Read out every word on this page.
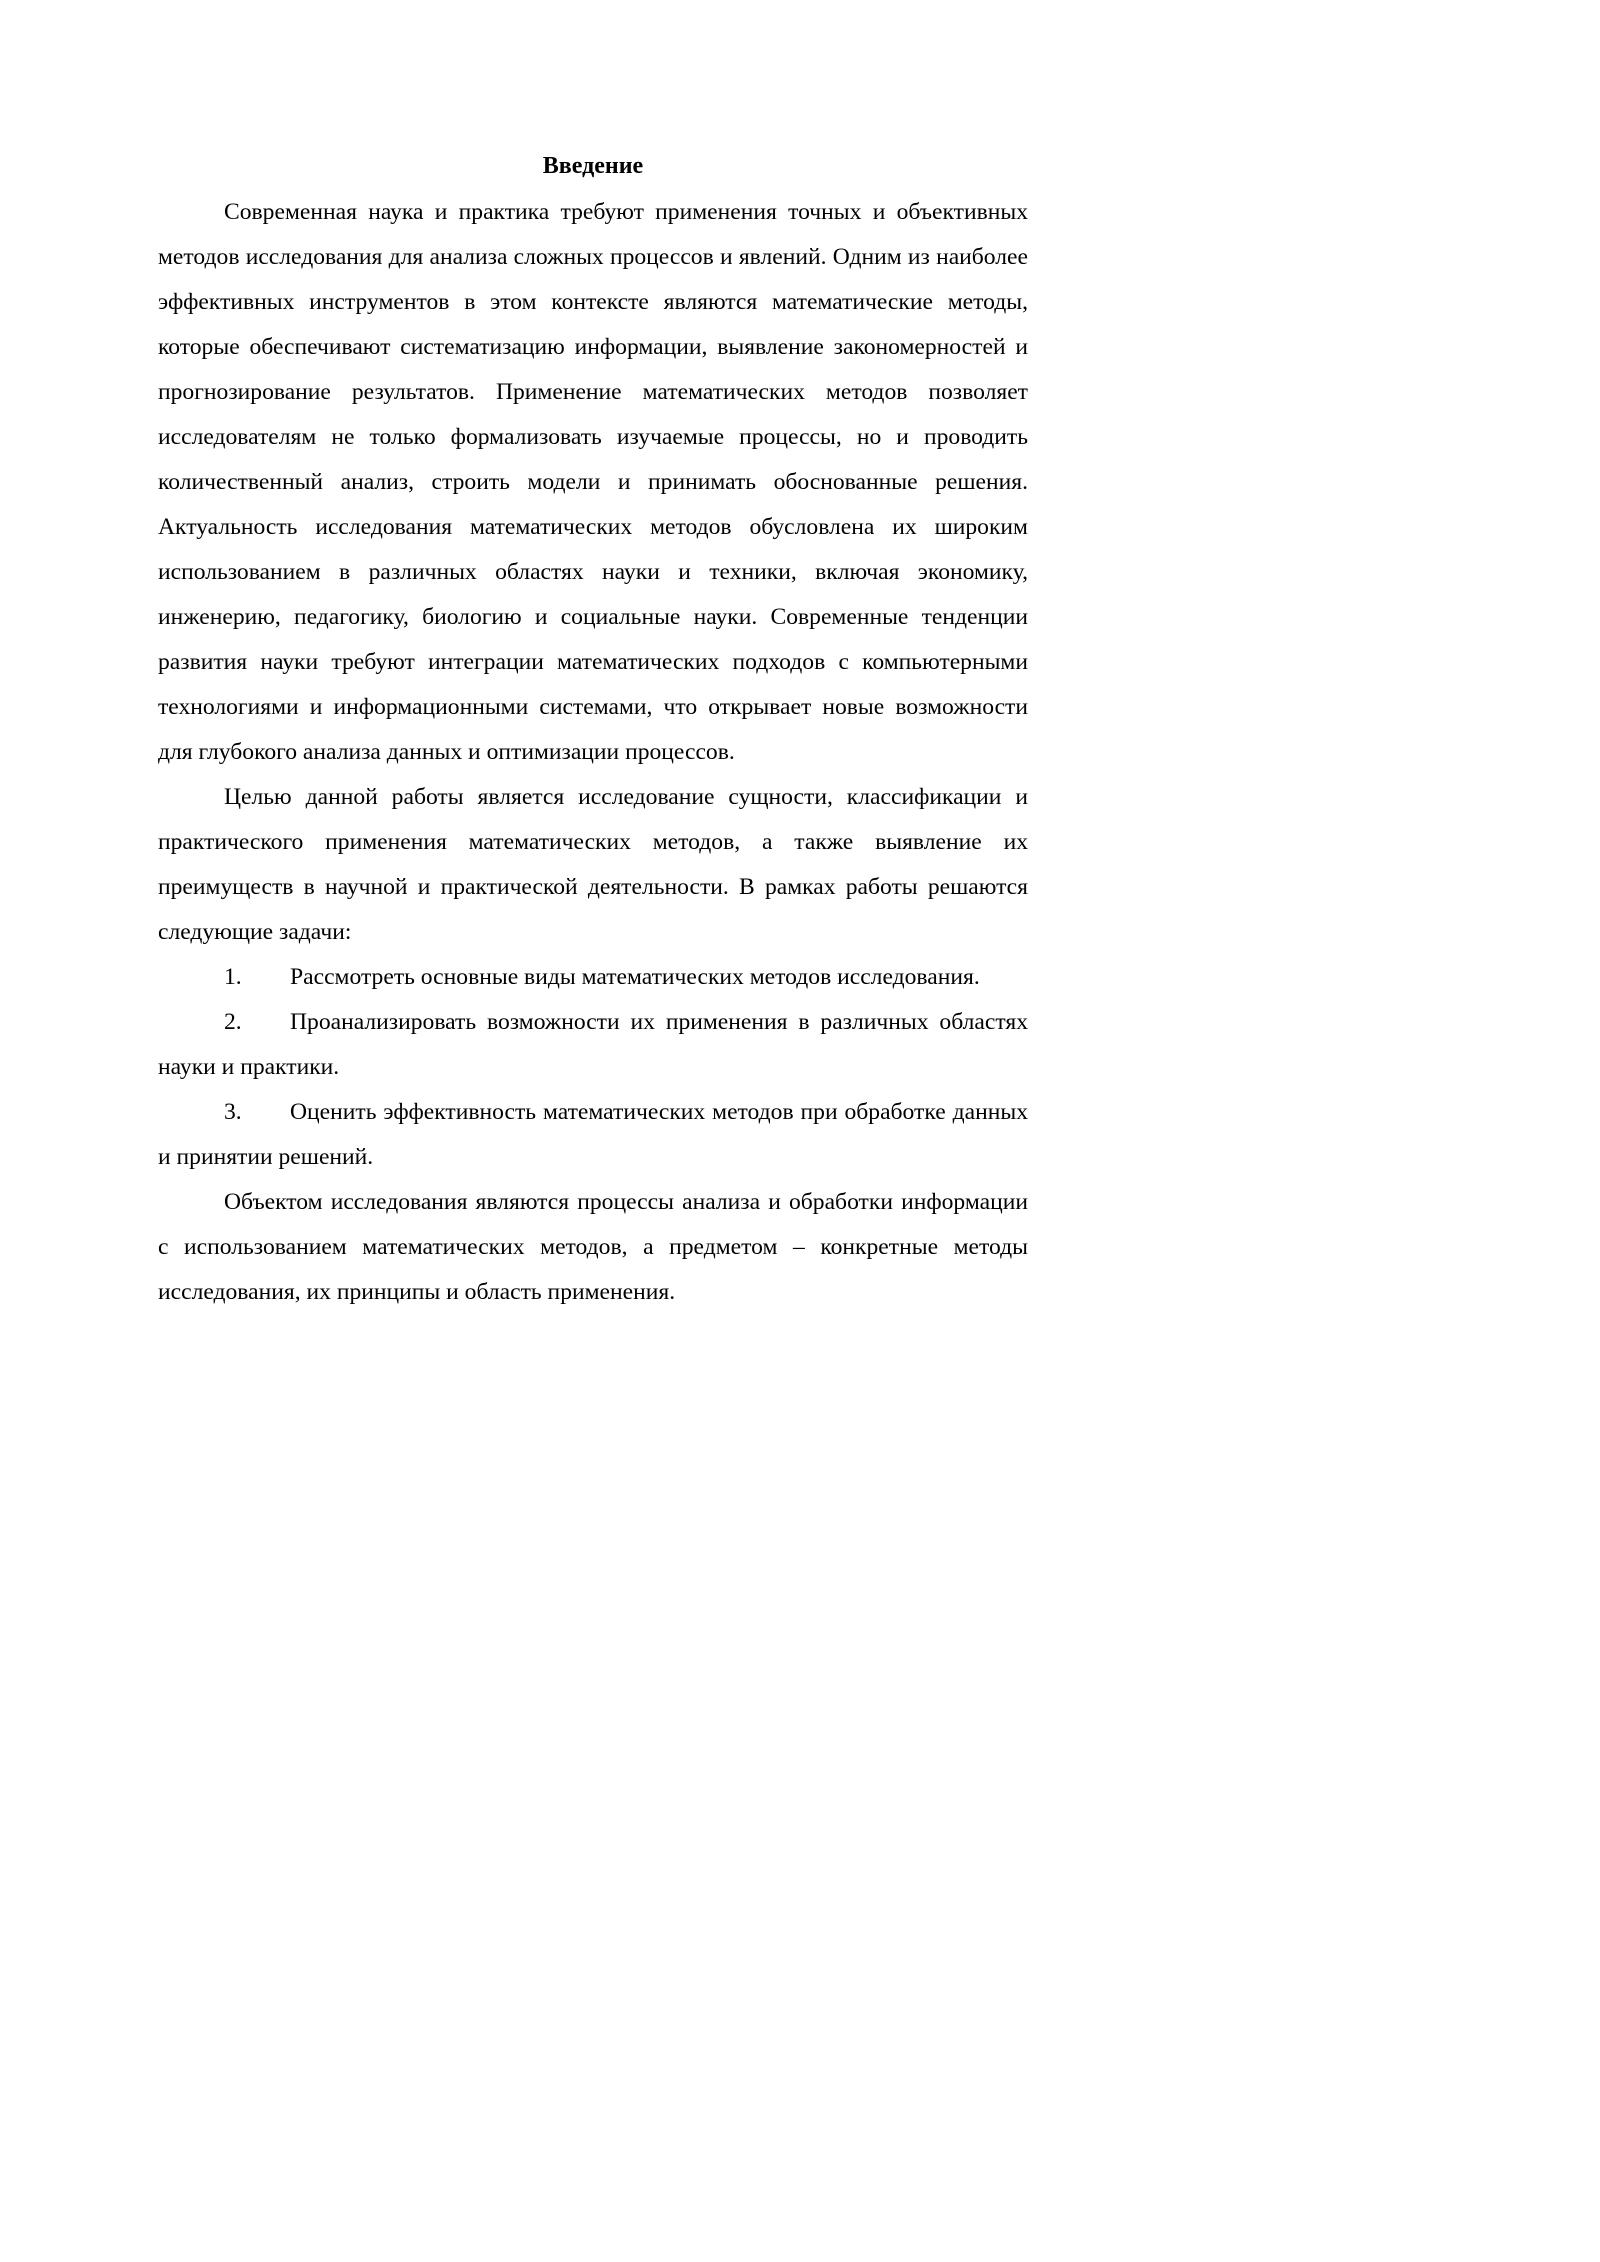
Введение

Современная наука и практика требуют применения точных и объективных методов исследования для анализа сложных процессов и явлений. Одним из наиболее эффективных инструментов в этом контексте являются математические методы, которые обеспечивают систематизацию информации, выявление закономерностей и прогнозирование результатов. Применение математических методов позволяет исследователям не только формализовать изучаемые процессы, но и проводить количественный анализ, строить модели и принимать обоснованные решения. Актуальность исследования математических методов обусловлена их широким использованием в различных областях науки и техники, включая экономику, инженерию, педагогику, биологию и социальные науки. Современные тенденции развития науки требуют интеграции математических подходов с компьютерными технологиями и информационными системами, что открывает новые возможности для глубокого анализа данных и оптимизации процессов.

Целью данной работы является исследование сущности, классификации и практического применения математических методов, а также выявление их преимуществ в научной и практической деятельности. В рамках работы решаются следующие задачи:

1. Рассмотреть основные виды математических методов исследования.

2. Проанализировать возможности их применения в различных областях науки и практики.

3. Оценить эффективность математических методов при обработке данных и принятии решений.

Объектом исследования являются процессы анализа и обработки информации с использованием математических методов, а предметом – конкретные методы исследования, их принципы и область применения.
